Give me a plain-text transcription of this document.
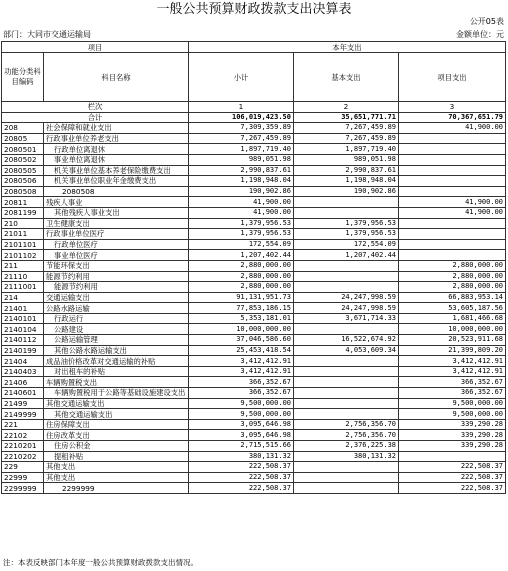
一般公共预算财政拨款支出决算表
公开05表
部门：大同市交通运输局	金额单位：元
项目		本年支出		
功能分类科目编码	科目名称	小计	基本支出	项目支出
栏次		1	2	3
合计		106,019,423.50	35,651,771.71	70,367,651.79
208	社会保障和就业支出	7,309,359.89	7,267,459.89	41,900.00
20805	行政事业单位养老支出	7,267,459.89	7,267,459.89	
2080501	行政单位离退休	1,897,719.40	1,897,719.40	
2080502	事业单位离退休	989,051.98	989,051.98	
2080505	机关事业单位基本养老保险缴费支出	2,990,837.61	2,990,837.61	
2080506	机关事业单位职业年金缴费支出	1,198,948.04	1,198,948.04	
2080508	2080508	190,902.86	190,902.86	
20811	残疾人事业	41,900.00		41,900.00
2081199	其他残疾人事业支出	41,900.00		41,900.00
210	卫生健康支出	1,379,956.53	1,379,956.53	
21011	行政事业单位医疗	1,379,956.53	1,379,956.53	
2101101	行政单位医疗	172,554.09	172,554.09	
2101102	事业单位医疗	1,207,402.44	1,207,402.44	
211	节能环保支出	2,880,000.00		2,880,000.00
21110	能源节约利用	2,880,000.00		2,880,000.00
2111001	能源节约利用	2,880,000.00		2,880,000.00
214	交通运输支出	91,131,951.73	24,247,998.59	66,883,953.14
21401	公路水路运输	77,853,186.15	24,247,998.59	53,605,187.56
2140101	行政运行	5,353,181.01	3,671,714.33	1,681,466.68
2140104	公路建设	10,000,000.00		10,000,000.00
2140112	公路运输管理	37,046,586.60	16,522,674.92	20,523,911.68
2140199	其他公路水路运输支出	25,453,418.54	4,053,609.34	21,399,809.20
21404	成品油价格改革对交通运输的补贴	3,412,412.91		3,412,412.91
2140403	对出租车的补贴	3,412,412.91		3,412,412.91
21406	车辆购置税支出	366,352.67		366,352.67
2140601	车辆购置税用于公路等基础设施建设支出	366,352.67		366,352.67
21499	其他交通运输支出	9,500,000.00		9,500,000.00
2149999	其他交通运输支出	9,500,000.00		9,500,000.00
221	住房保障支出	3,095,646.98	2,756,356.70	339,290.28
22102	住房改革支出	3,095,646.98	2,756,356.70	339,290.28
2210201	住房公积金	2,715,515.66	2,376,225.38	339,290.28
2210202	提租补贴	380,131.32	380,131.32	
229	其他支出	222,508.37		222,508.37
22999	其他支出	222,508.37		222,508.37
2299999	2299999	222,508.37		222,508.37
注：本表反映部门本年度一般公共预算财政拨款支出情况。
